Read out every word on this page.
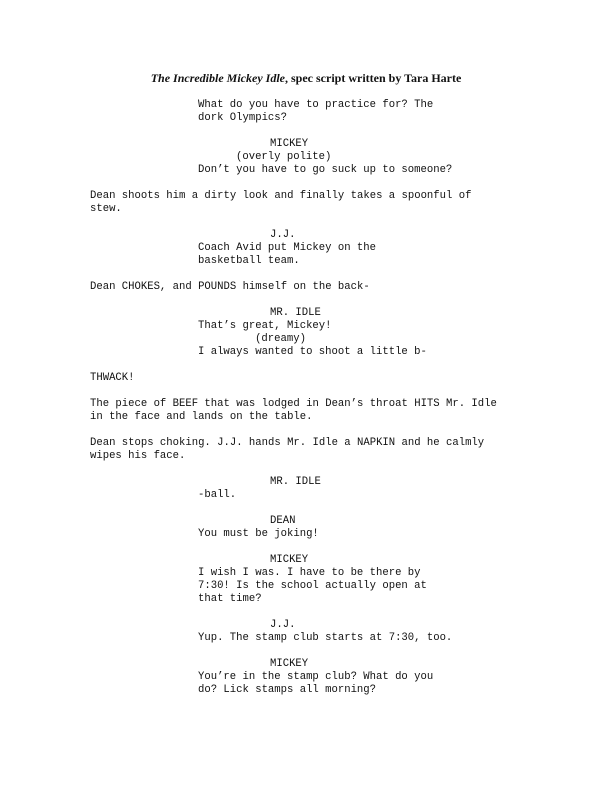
The Incredible Mickey Idle, spec script written by Tara Harte
What do you have to practice for? The
dork Olympics?
MICKEY
(overly polite)
Don’t you have to go suck up to someone?
Dean shoots him a dirty look and finally takes a spoonful of
stew.
J.J.
Coach Avid put Mickey on the
basketball team.
Dean CHOKES, and POUNDS himself on the back-
MR. IDLE
That’s great, Mickey!
(dreamy)
I always wanted to shoot a little b-
THWACK!
The piece of BEEF that was lodged in Dean’s throat HITS Mr. Idle
in the face and lands on the table.
Dean stops choking. J.J. hands Mr. Idle a NAPKIN and he calmly
wipes his face.
MR. IDLE
-ball.
DEAN
You must be joking!
MICKEY
I wish I was. I have to be there by
7:30! Is the school actually open at
that time?
J.J.
Yup. The stamp club starts at 7:30, too.
MICKEY
You’re in the stamp club? What do you
do? Lick stamps all morning?
